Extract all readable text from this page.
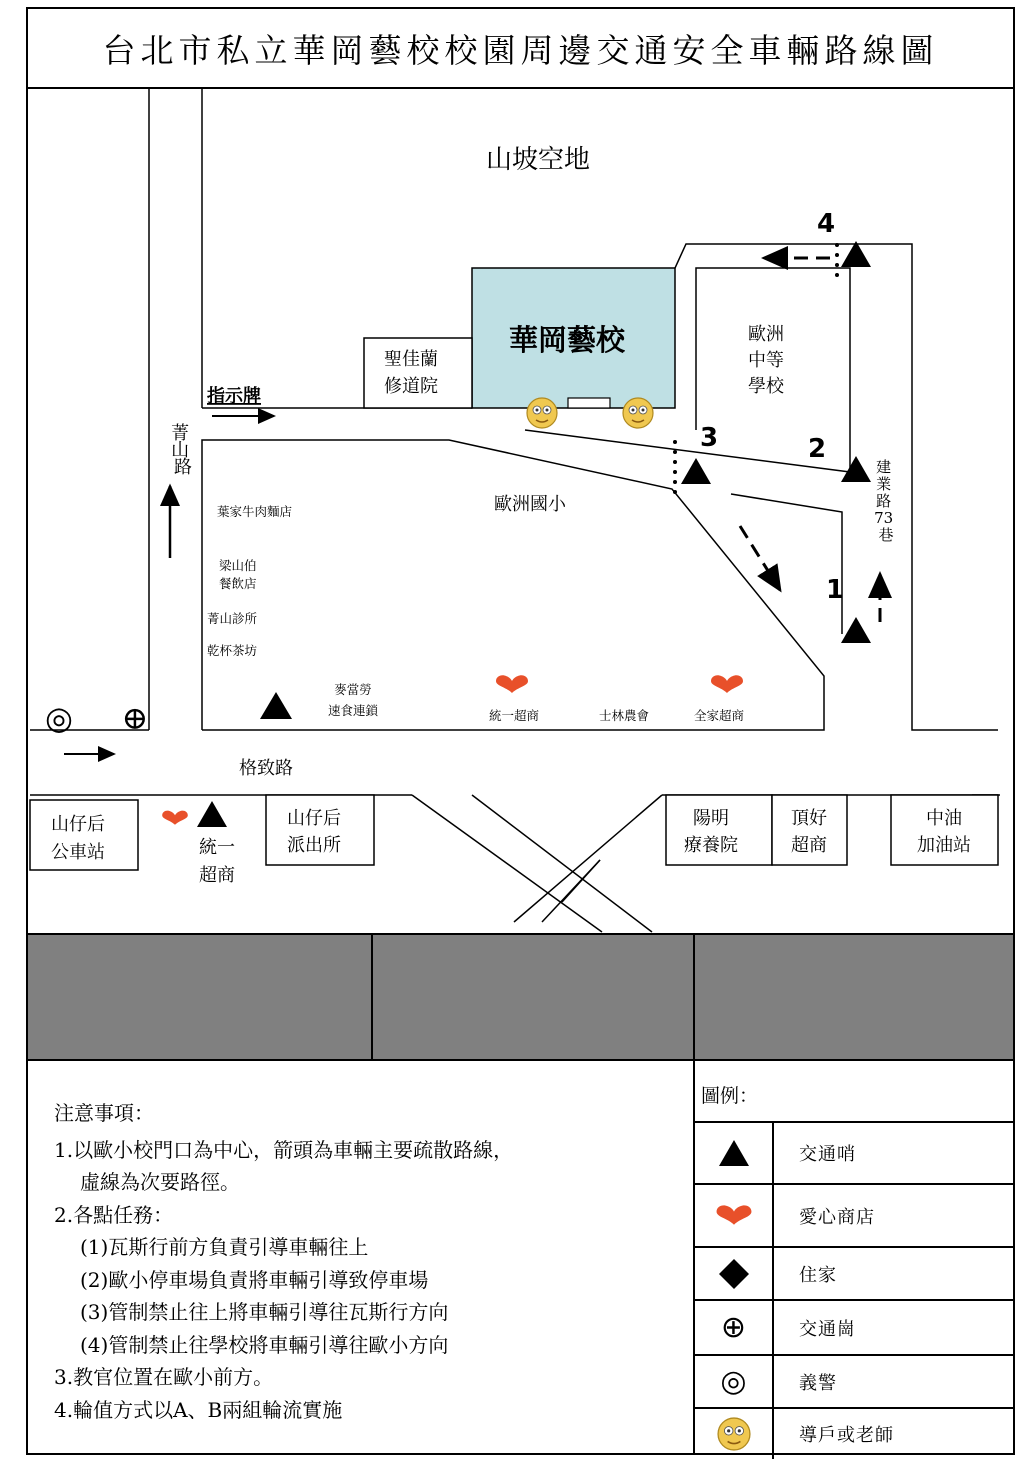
台北市私立華岡藝校校園周邊交通安全車輛路線圖
華岡藝校
聖佳蘭
修道院
山坡空地
指示牌
菁 山 路
歐洲
中等
學校
歐洲國小
建 業 路 73 巷
葉家牛肉麵店
梁山伯
餐飲店
菁山診所
乾杯茶坊
麥當勞
速食連鎖	統一超商	士林農會	全家超商
1
2
3
4
◎ ⊕
格致路
山仔后
公車站	統一
超商
山仔后
派出所
陽明
療養院
頂好
超商
中油
加油站
注意事項：
1.以歐小校門口為中心，箭頭為車輛主要疏散路線，
虛線為次要路徑。
2.各點任務：
(1)瓦斯行前方負責引導車輛往上
(2)歐小停車場負責將車輛引導致停車場
(3)管制禁止往上將車輛引導往瓦斯行方向
(4)管制禁止往學校將車輛引導往歐小方向
3.教官位置在歐小前方。
4.輪值方式以A、B兩組輪流實施
圖例：
交通哨
愛心商店
住家
⊕	交通崗
◎	義警
導戶或老師
